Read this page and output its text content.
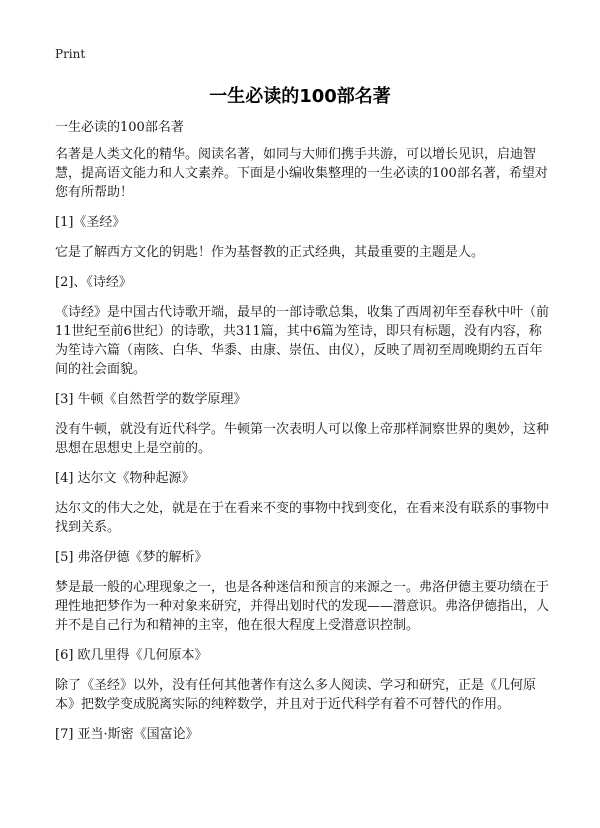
Print
一生必读的100部名著

一生必读的100部名著

名著是人类文化的精华。阅读名著，如同与大师们携手共游，可以增长见识，启迪智慧，提高语文能力和人文素养。下面是小编收集整理的一生必读的100部名著，希望对您有所帮助！

[1]《圣经》

它是了解西方文化的钥匙！作为基督教的正式经典，其最重要的主题是人。

[2]、《诗经》

《诗经》是中国古代诗歌开端，最早的一部诗歌总集，收集了西周初年至春秋中叶（前11世纪至前6世纪）的诗歌，共311篇，其中6篇为笙诗，即只有标题，没有内容，称为笙诗六篇（南陔、白华、华黍、由康、崇伍、由仪），反映了周初至周晚期约五百年间的社会面貌。

[3] 牛顿《自然哲学的数学原理》

没有牛顿，就没有近代科学。牛顿第一次表明人可以像上帝那样洞察世界的奥妙，这种思想在思想史上是空前的。

[4] 达尔文《物种起源》

达尔文的伟大之处，就是在于在看来不变的事物中找到变化，在看来没有联系的事物中找到关系。

[5] 弗洛伊德《梦的解析》

梦是最一般的心理现象之一，也是各种迷信和预言的来源之一。弗洛伊德主要功绩在于理性地把梦作为一种对象来研究，并得出划时代的发现——潜意识。弗洛伊德指出，人并不是自己行为和精神的主宰，他在很大程度上受潜意识控制。

[6] 欧几里得《几何原本》

除了《圣经》以外，没有任何其他著作有这么多人阅读、学习和研究，正是《几何原本》把数学变成脱离实际的纯粹数学，并且对于近代科学有着不可替代的作用。

[7] 亚当·斯密《国富论》
